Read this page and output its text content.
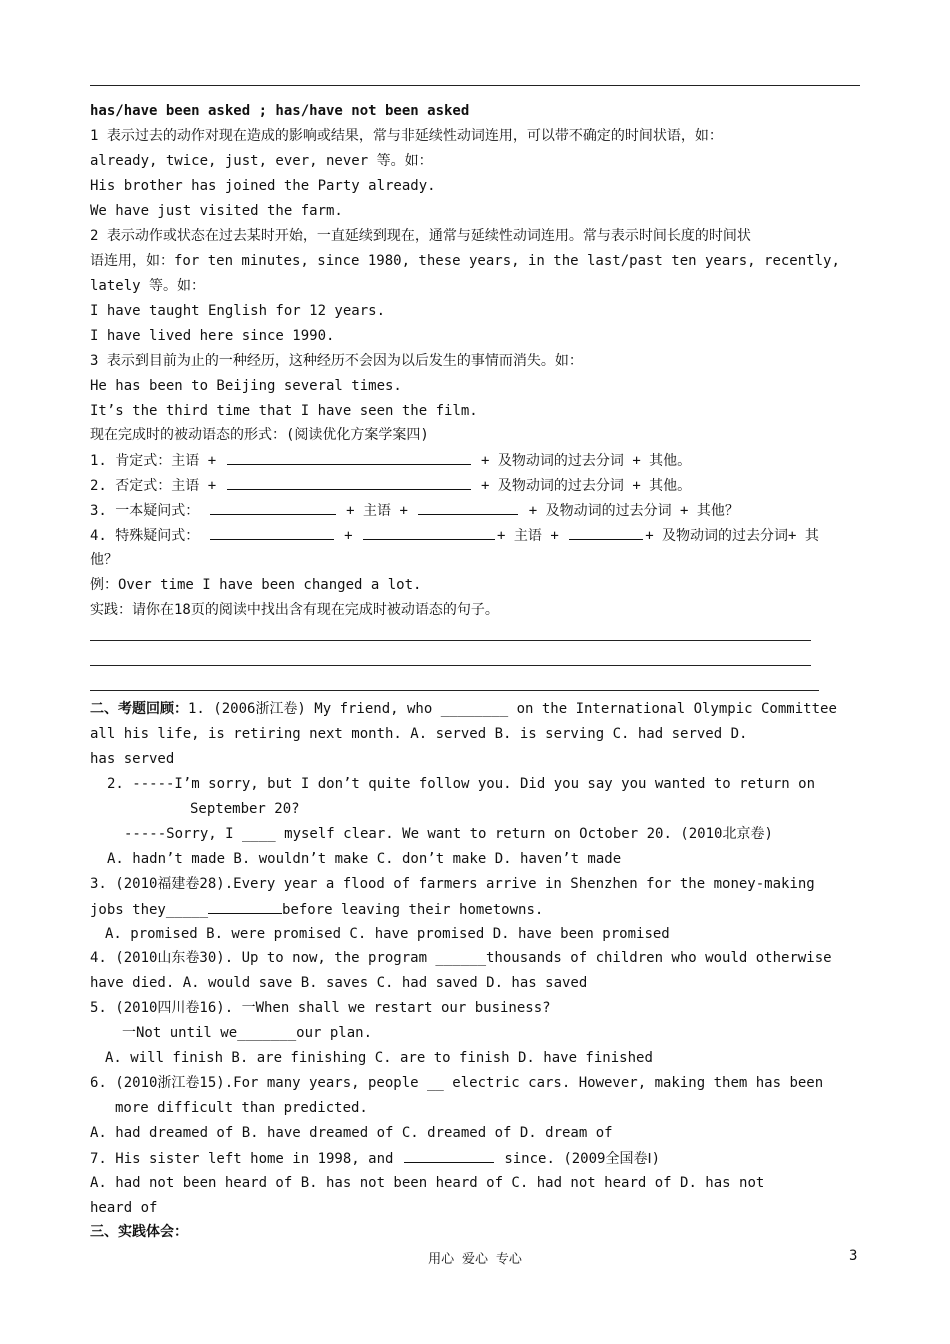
has/have been asked ; has/have not been asked
1 表示过去的动作对现在造成的影响或结果，常与非延续性动词连用，可以带不确定的时间状语，如：
already, twice, just, ever, never 等。如：
His brother has joined the Party already.
We have just visited the farm.
2 表示动作或状态在过去某时开始，一直延续到现在，通常与延续性动词连用。常与表示时间长度的时间状
语连用，如：for ten minutes, since 1980, these years, in the last/past ten years, recently,
lately 等。如：
I have taught English for 12 years.
I have lived here since 1990.
3 表示到目前为止的一种经历，这种经历不会因为以后发生的事情而消失。如：
He has been to Beijing several times.
It’s the third time that I have seen the film.
现在完成时的被动语态的形式：(阅读优化方案学案四)
1. 肯定式：主语 +	+ 及物动词的过去分词 + 其他。
2. 否定式：主语 +	+ 及物动词的过去分词 + 其他。
3. 一本疑问式：	+ 主语 +	+ 及物动词的过去分词 + 其他？
4. 特殊疑问式：	+	+ 主语 +	+ 及物动词的过去分词+ 其
他？
例：Over time I have been changed a lot.
实践：请你在18页的阅读中找出含有现在完成时被动语态的句子。
二、考题回顾：1. (2006浙江卷) My friend, who ________ on the International Olympic Committee
all his life, is retiring next month. A. served B. is serving C. had served D.
has served
2. -----I’m sorry, but I don’t quite follow you. Did you say you wanted to return on
September 20?
-----Sorry, I ____ myself clear. We want to return on October 20. (2010北京卷)
A. hadn’t made B. wouldn’t make C. don’t make D. haven’t made
3. (2010福建卷28).Every year a flood of farmers arrive in Shenzhen for the money-making
jobs they_____	before leaving their hometowns.
A. promised B. were promised C. have promised D. have been promised
4. (2010山东卷30). Up to now, the program ______thousands of children who would otherwise
have died. A. would save B. saves C. had saved D. has saved
5. (2010四川卷16). 一When shall we restart our business?
一Not until we_______our plan.
A. will finish B. are finishing C. are to finish D. have finished
6. (2010浙江卷15).For many years, people __ electric cars. However, making them has been
more difficult than predicted.
A. had dreamed of B. have dreamed of C. dreamed of D. dream of
7. His sister left home in 1998, and	since. (2009全国卷Ⅰ)
A. had not been heard of B. has not been heard of C. had not heard of D. has not
heard of
三、实践体会：
用心 爱心 专心	3
